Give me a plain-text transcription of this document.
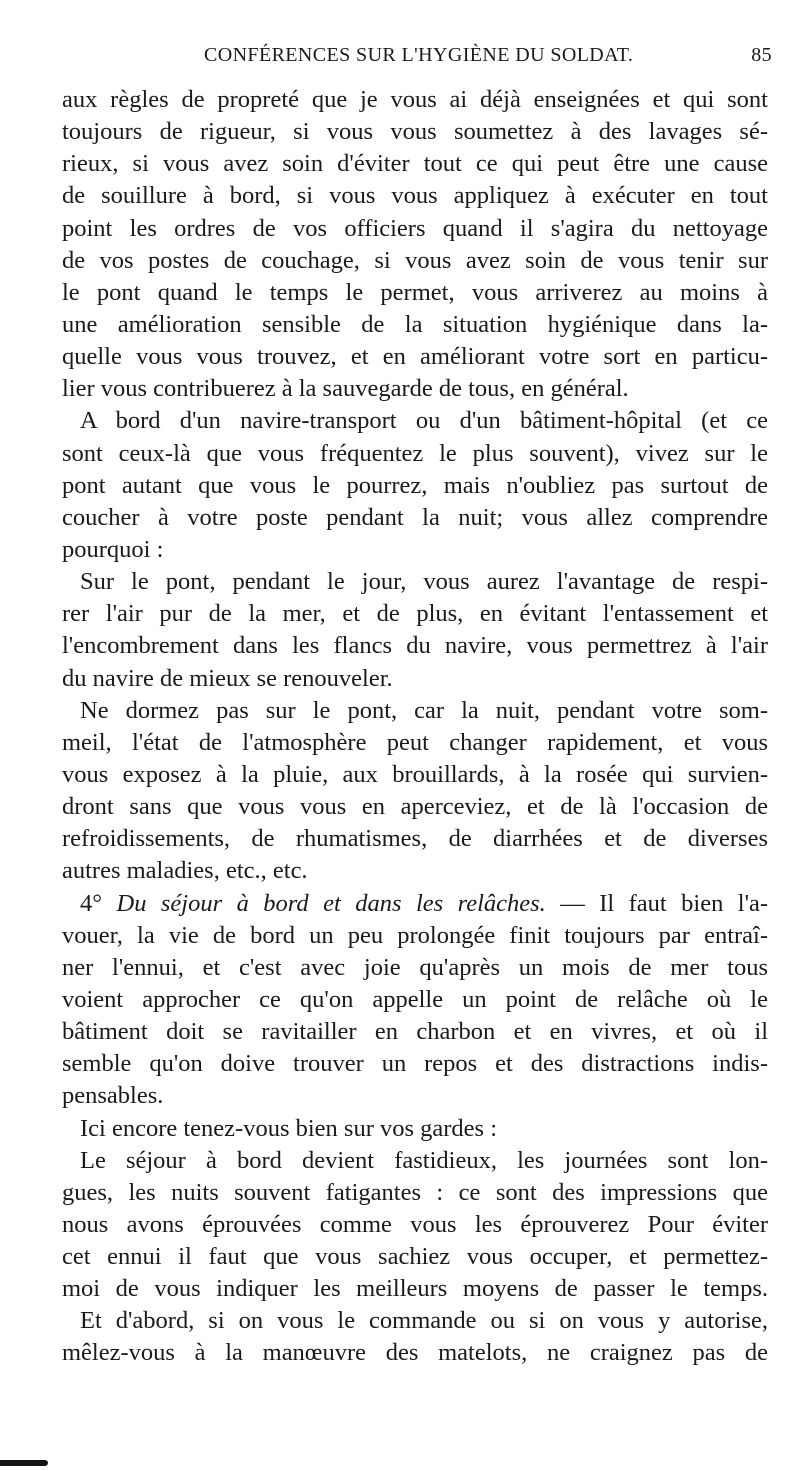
CONFÉRENCES SUR L'HYGIÈNE DU SOLDAT.	85
aux règles de propreté que je vous ai déjà enseignées et qui sont
toujours de rigueur, si vous vous soumettez à des lavages sé-
rieux, si vous avez soin d'éviter tout ce qui peut être une cause
de souillure à bord, si vous vous appliquez à exécuter en tout
point les ordres de vos officiers quand il s'agira du nettoyage
de vos postes de couchage, si vous avez soin de vous tenir sur
le pont quand le temps le permet, vous arriverez au moins à
une amélioration sensible de la situation hygiénique dans la-
quelle vous vous trouvez, et en améliorant votre sort en particu-
lier vous contribuerez à la sauvegarde de tous, en général.
A bord d'un navire-transport ou d'un bâtiment-hôpital (et ce
sont ceux-là que vous fréquentez le plus souvent), vivez sur le
pont autant que vous le pourrez, mais n'oubliez pas surtout de
coucher à votre poste pendant la nuit; vous allez comprendre
pourquoi :
Sur le pont, pendant le jour, vous aurez l'avantage de respi-
rer l'air pur de la mer, et de plus, en évitant l'entassement et
l'encombrement dans les flancs du navire, vous permettrez à l'air
du navire de mieux se renouveler.
Ne dormez pas sur le pont, car la nuit, pendant votre som-
meil, l'état de l'atmosphère peut changer rapidement, et vous
vous exposez à la pluie, aux brouillards, à la rosée qui survien-
dront sans que vous vous en aperceviez, et de là l'occasion de
refroidissements, de rhumatismes, de diarrhées et de diverses
autres maladies, etc., etc.
4° Du séjour à bord et dans les relâches. — Il faut bien l'a-
vouer, la vie de bord un peu prolongée finit toujours par entraî-
ner l'ennui, et c'est avec joie qu'après un mois de mer tous
voient approcher ce qu'on appelle un point de relâche où le
bâtiment doit se ravitailler en charbon et en vivres, et où il
semble qu'on doive trouver un repos et des distractions indis-
pensables.
Ici encore tenez-vous bien sur vos gardes :
Le séjour à bord devient fastidieux, les journées sont lon-
gues, les nuits souvent fatigantes : ce sont des impressions que
nous avons éprouvées comme vous les éprouverez Pour éviter
cet ennui il faut que vous sachiez vous occuper, et permettez-
moi de vous indiquer les meilleurs moyens de passer le temps.
Et d'abord, si on vous le commande ou si on vous y autorise,
mêlez-vous à la manœuvre des matelots, ne craignez pas de
